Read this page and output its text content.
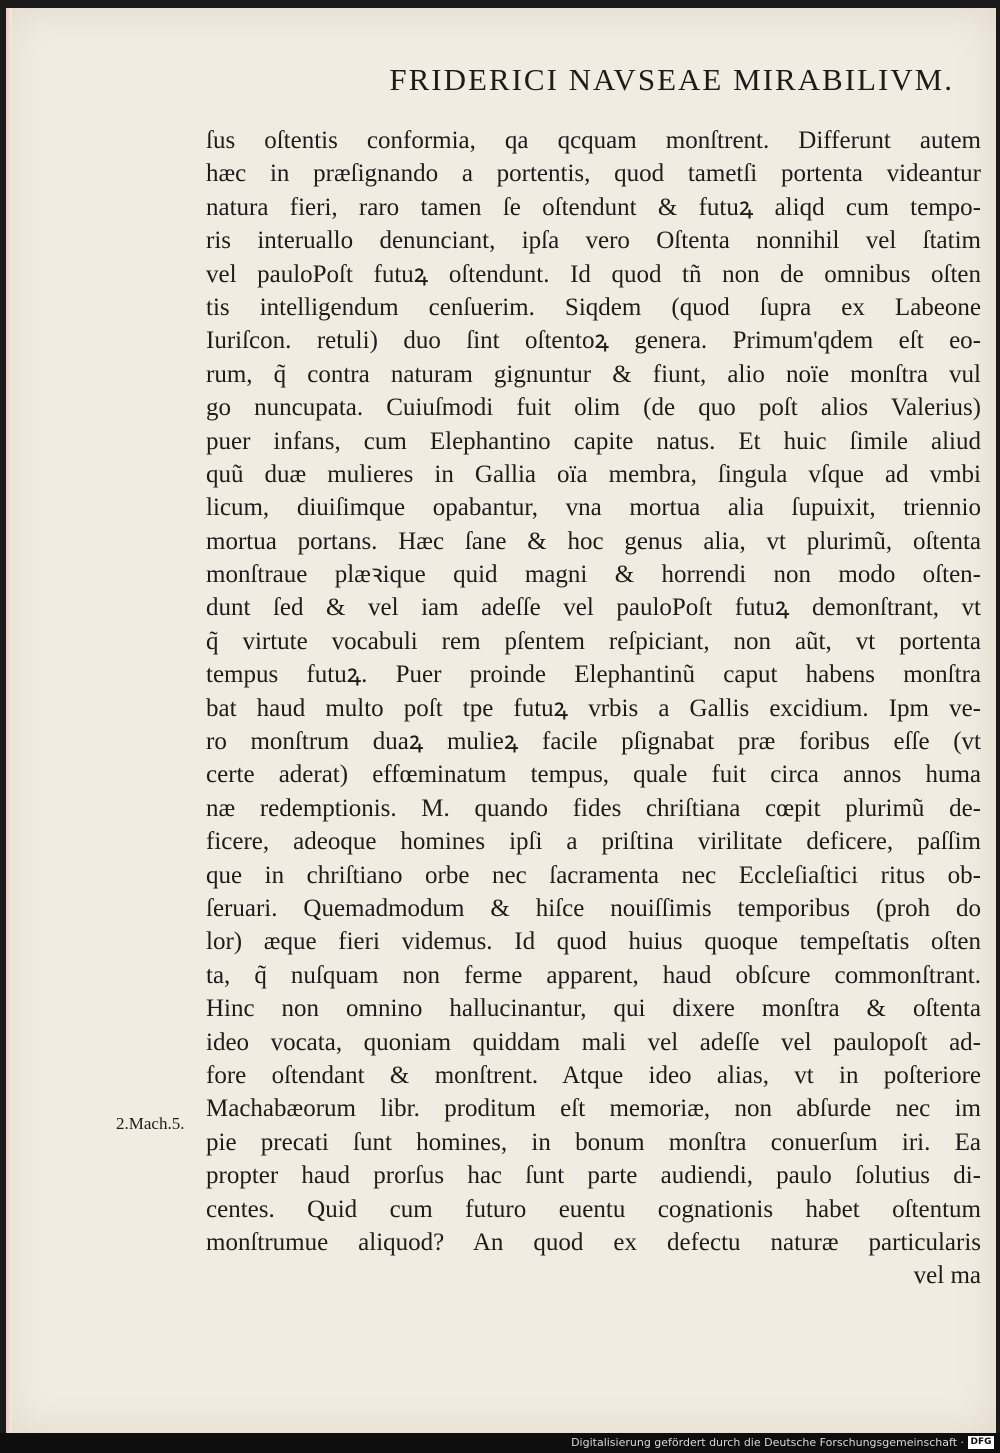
FRIDERICI NAVSEAE MIRABILIVM.
2.Mach.5.
ſus oſtentis conformia, qa qcquam monſtrent. Differunt autem
hæc in præſignando a portentis, quod tametſi portenta videantur
natura fieri, raro tamen ſe oſtendunt & futuꝝ aliqd cum tempo-
ris interuallo denunciant, ipſa vero Oſtenta nonnihil vel ſtatim
vel pauloPoſt futuꝝ oſtendunt. Id quod tñ non de omnibus oſten
tis intelligendum cenſuerim. Siqdem (quod ſupra ex Labeone
Iuriſcon. retuli) duo ſint oſtentoꝝ genera. Primum'qdem eſt eo-
rum, q̃ contra naturam gignuntur & fiunt, alio noïe monſtra vul
go nuncupata. Cuiuſmodi fuit olim (de quo poſt alios Valerius)
puer infans, cum Elephantino capite natus. Et huic ſimile aliud
quũ duæ mulieres in Gallia oïa membra, ſingula vſque ad vmbi
licum, diuiſimque opabantur, vna mortua alia ſupuixit, triennio
mortua portans. Hæc ſane & hoc genus alia, vt plurimũ, oſtenta
monſtraue plæꝛiquе quid magni & horrendi non modo oſten-
dunt ſed & vel iam adeſſe vel pauloPoſt futuꝝ demonſtrant, vt
q̃ virtute vocabuli rem pſentem reſpiciant, non aũt, vt portenta
tempus futuꝝ. Puer proinde Elephantinũ caput habens monſtra
bat haud multo poſt tpe futuꝝ vrbis a Gallis excidium. Ipm ve-
ro monſtrum duaꝝ mulieꝝ facile pſignabat præ foribus eſſe (vt
certe aderat) effœminatum tempus, quale fuit circa annos huma
næ redemptionis. M. quando fides chriſtiana cœpit plurimũ de-
ficere, adeoque homines ipſi a priſtina virilitate deficere, paſſim
que in chriſtiano orbe nec ſacramenta nec Eccleſiaſtici ritus ob-
ſeruari. Quemadmodum & hiſce nouiſſimis temporibus (proh do
lor) æque fieri videmus. Id quod huius quoque tempeſtatis oſten
ta, q̃ nuſquam non ferme apparent, haud obſcure commonſtrant.
Hinc non omnino hallucinantur, qui dixere monſtra & oſtenta
ideo vocata, quoniam quiddam mali vel adeſſe vel paulopoſt ad-
fore oſtendant & monſtrent. Atque ideo alias, vt in poſteriore
Machabæorum libr. proditum eſt memoriæ, non abſurde nec im
pie precati ſunt homines, in bonum monſtra conuerſum iri. Ea
propter haud prorſus hac ſunt parte audiendi, paulo ſolutius di-
centes. Quid cum futuro euentu cognationis habet oſtentum
monſtrumue aliquod? An quod ex defectu naturæ particularis
vel ma
Digitalisierung gefördert durch die Deutsche Forschungsgemeinschaft · DFG
